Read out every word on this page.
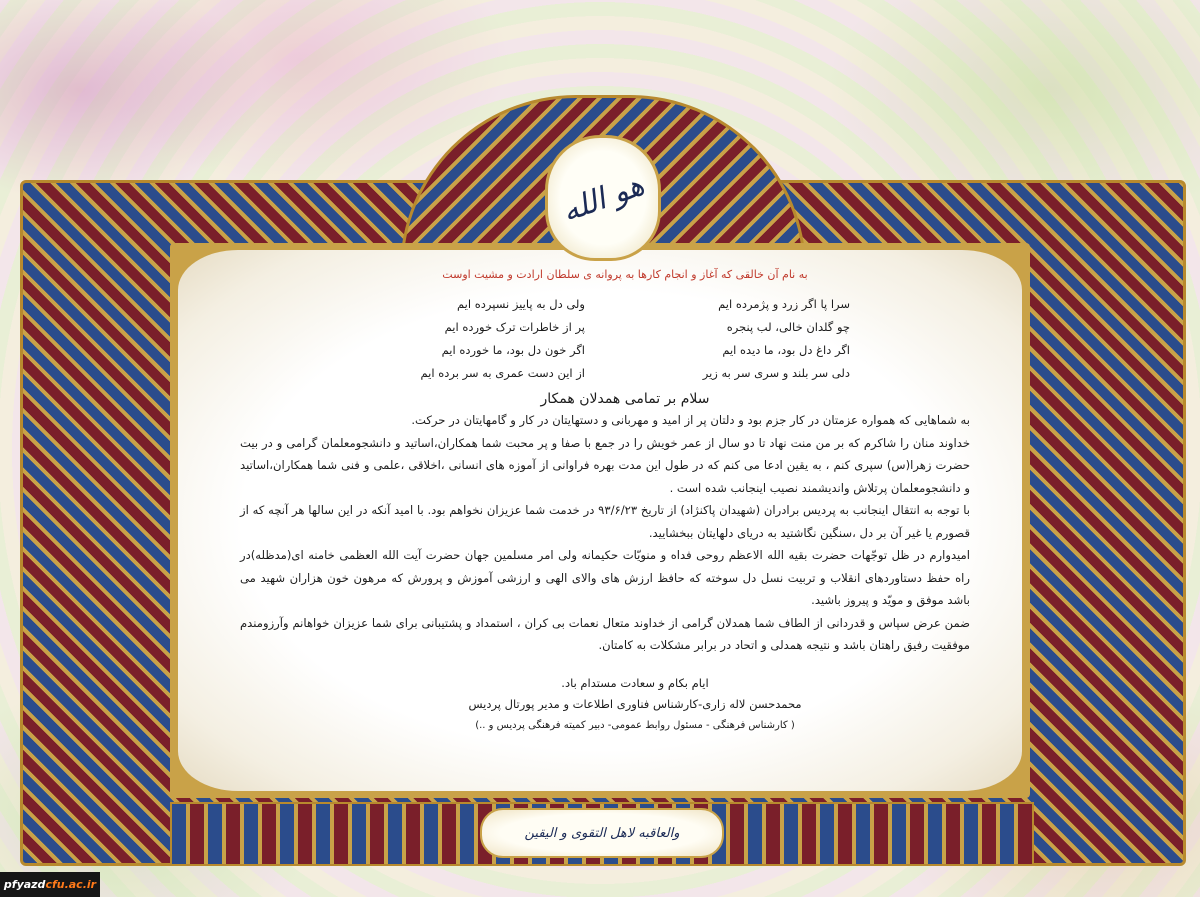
هو الله

به نام آن خالقی که آغاز و انجام کارها به پروانه ی سلطان ارادت و مشیت اوست

سرا پا اگر زرد و پژمرده ایم
ولی دل به پاییز نسپرده ایم
چو گلدان خالی، لب پنجره
پر از خاطرات ترک خورده ایم
اگر داغ دل بود، ما دیده ایم
اگر خون دل بود، ما خورده ایم
دلی سر بلند و سری سر به زیر
از این دست عمری به سر برده ایم
سلام بر تمامی همدلان همکار

به شماهایی که همواره عزمتان در کار جزم بود و دلتان پر از امید و مهربانی و دستهایتان در کار و گامهایتان در حرکت.

خداوند منان را شاکرم که بر من منت نهاد تا دو سال از عمر خویش را در جمع با صفا و پر محبت شما همکاران،اساتید و دانشجومعلمان گرامی و در بیت حضرت زهرا(س) سپری کنم ، به یقین ادعا می کنم که در طول این مدت بهره فراوانی از آموزه های انسانی ،اخلاقی ،علمی و فنی شما همکاران،اساتید و دانشجومعلمان پرتلاش واندیشمند نصیب اینجانب شده است .

با توجه به انتقال اینجانب به پردیس برادران (شهیدان پاکنژاد) از تاریخ ۹۳/۶/۲۳ در خدمت شما عزیزان نخواهم بود. با امید آنکه در این سالها هر آنچه که از قصورم یا غیر آن بر دل ،سنگین نگاشتید به دریای دلهایتان ببخشایید.

امیدوارم در ظل توجّهات حضرت بقیه الله الاعظم روحی فداه و منویّات حکیمانه ولی امر مسلمین جهان حضرت آیت الله العظمی خامنه ای(مدظله)در راه حفظ دستاوردهای انقلاب و تربیت نسل دل سوخته که حافظ ارزش های والای الهی و ارزشی آموزش و پرورش که مرهون خون هزاران شهید می باشد موفق و مویّد و پیروز باشید.

ضمن عرض سپاس و قدردانی از الطاف شما همدلان گرامی از خداوند متعال نعمات بی کران ، استمداد و پشتیبانی برای شما عزیزان خواهانم وآرزومندم موفقیت رفیق راهتان باشد و نتیجه همدلی و اتحاد در برابر مشکلات به کامتان.

ایام بکام و سعادت مستدام باد.
محمدحسن لاله زاری-کارشناس فناوری اطلاعات و مدیر پورتال پردیس
( کارشناس فرهنگی - مسئول روابط عمومی- دبیر کمیته فرهنگی پردیس و ..)
والعاقبه لاهل التقوی و الیقین
pfyazd cfu.ac.ir
